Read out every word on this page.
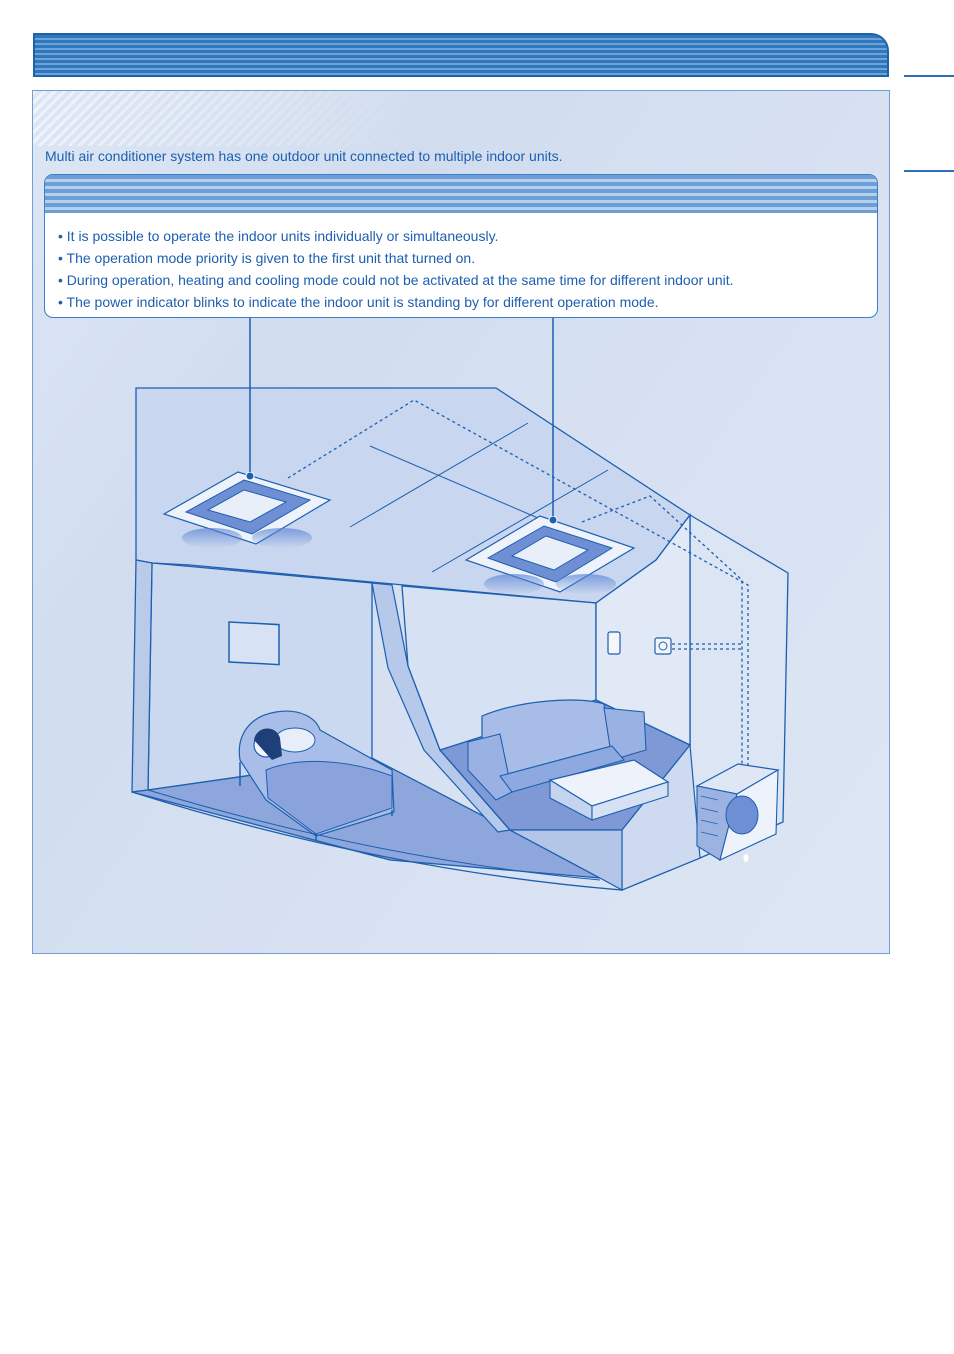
Multi air conditioner system has one outdoor unit connected to multiple indoor units.

• It is possible to operate the indoor units individually or simultaneously.
• The operation mode priority is given to the first unit that turned on.
• During operation, heating and cooling mode could not be activated at the same time for different indoor unit.
• The power indicator blinks to indicate the indoor unit is standing by for different operation mode.
